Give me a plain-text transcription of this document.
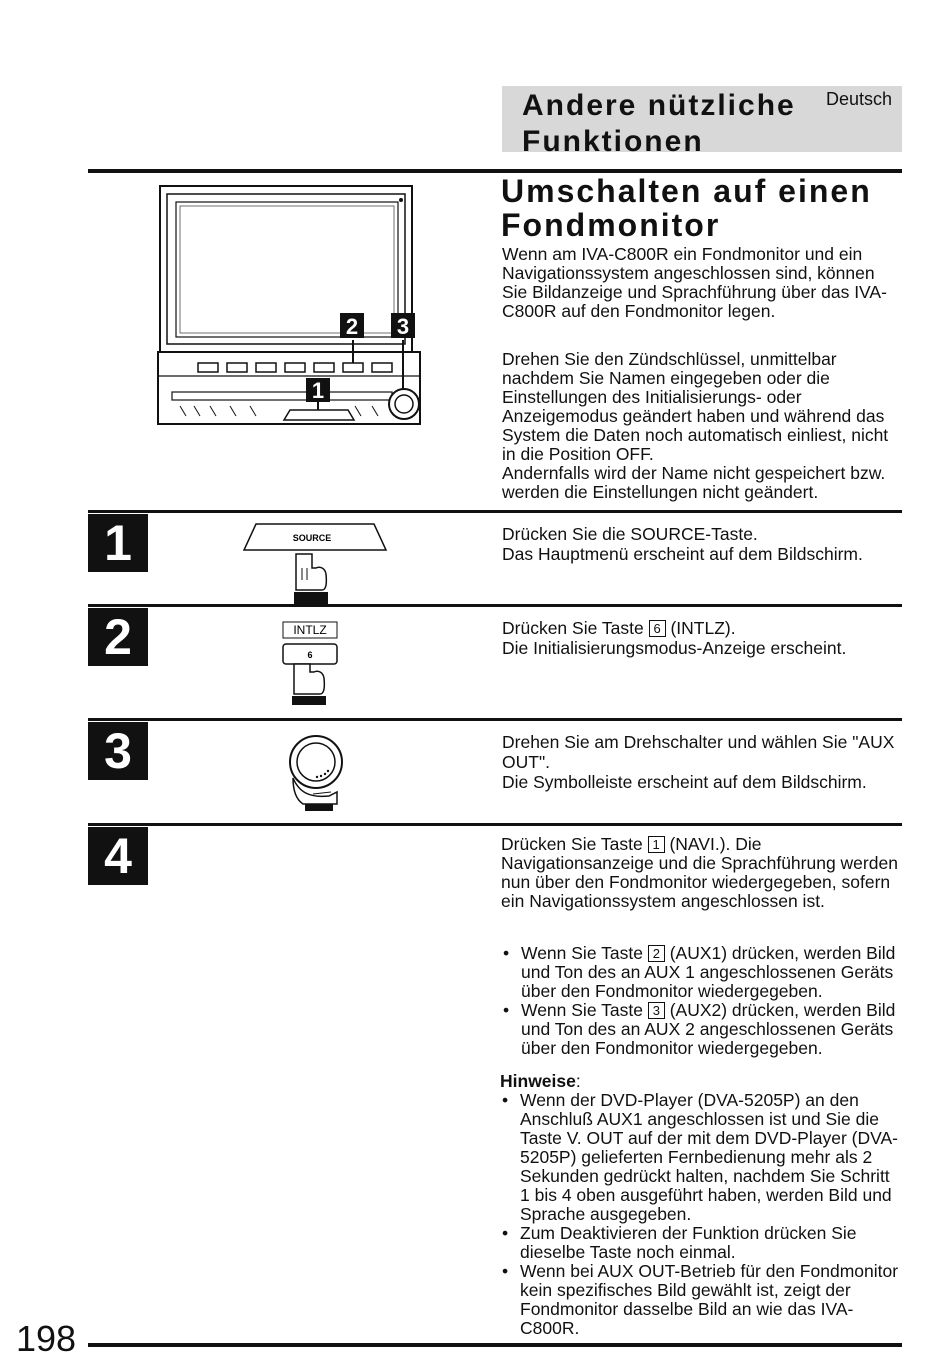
Andere nützliche Funktionen
Deutsch
2 3
1
Umschalten auf einen Fondmonitor

Wenn am IVA-C800R ein Fondmonitor und ein Navigationssystem angeschlossen sind, können Sie Bildanzeige und Sprachführung über das IVA-C800R auf den Fondmonitor legen.

Drehen Sie den Zündschlüssel, unmittelbar nachdem Sie Namen eingegeben oder die Einstellungen des Initialisierungs- oder Anzeigemodus geändert haben und während das System die Daten noch automatisch einliest, nicht in die Position OFF.

Andernfalls wird der Name nicht gespeichert bzw. werden die Einstellungen nicht geändert.

1	SOURCE	Drücken Sie die SOURCE-Taste.
Das Hauptmenü erscheint auf dem Bildschirm.
2	INTLZ
6
Drücken Sie Taste 6 (INTLZ).
Die Initialisierungsmodus-Anzeige erscheint.
3	Drehen Sie am Drehschalter und wählen Sie "AUX OUT".
Die Symbolleiste erscheint auf dem Bildschirm.
4	Drücken Sie Taste 1 (NAVI.). Die Navigationsanzeige und die Sprachführung werden nun über den Fondmonitor wiedergegeben, sofern ein Navigationssystem angeschlossen ist.

• Wenn Sie Taste 2 (AUX1) drücken, werden Bild und Ton des an AUX 1 angeschlossenen Geräts über den Fondmonitor wiedergegeben.
• Wenn Sie Taste 3 (AUX2) drücken, werden Bild und Ton des an AUX 2 angeschlossenen Geräts über den Fondmonitor wiedergegeben.

Hinweise:

• Wenn der DVD-Player (DVA-5205P) an den Anschluß AUX1 angeschlossen ist und Sie die Taste V. OUT auf der mit dem DVD-Player (DVA-5205P) gelieferten Fernbedienung mehr als 2 Sekunden gedrückt halten, nachdem Sie Schritt 1 bis 4 oben ausgeführt haben, werden Bild und Sprache ausgegeben.
• Zum Deaktivieren der Funktion drücken Sie dieselbe Taste noch einmal.
• Wenn bei AUX OUT-Betrieb für den Fondmonitor kein spezifisches Bild gewählt ist, zeigt der Fondmonitor dasselbe Bild an wie das IVA-C800R.
198
